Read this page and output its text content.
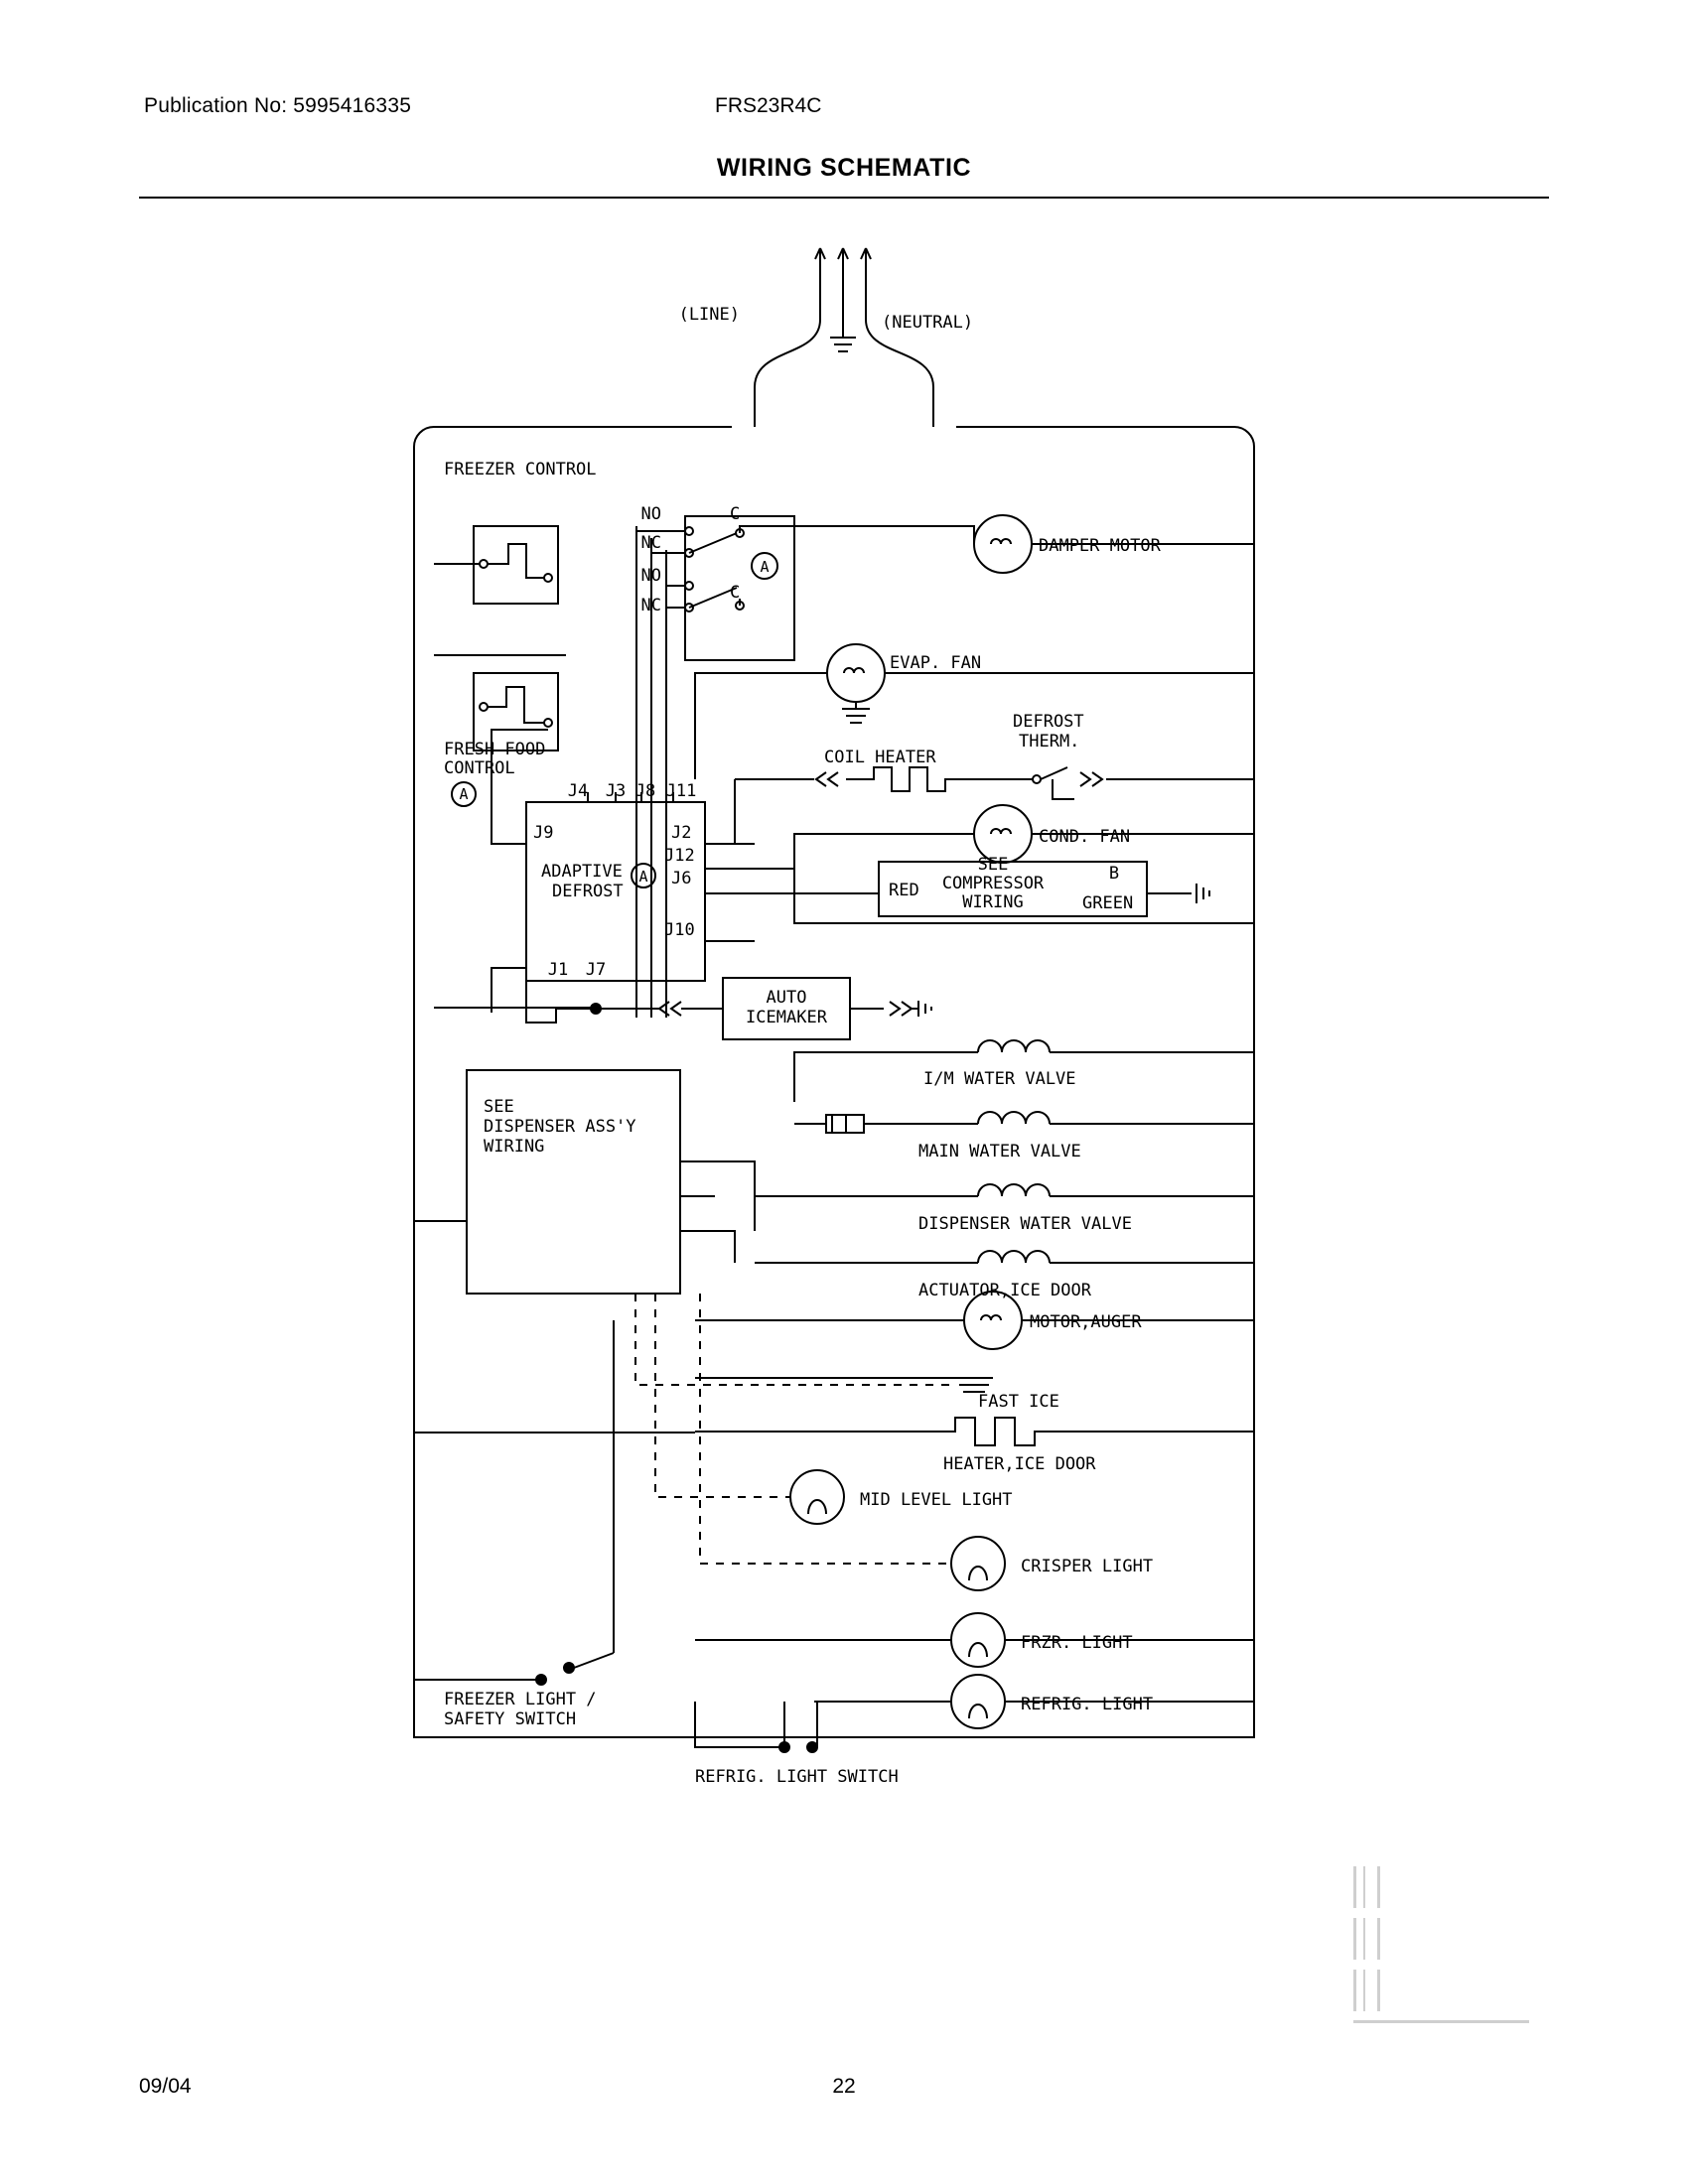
Publication No: 5995416335	FRS23R4C
WIRING SCHEMATIC
(LINE)	(NEUTRAL)
FREEZER CONTROL
FRESH FOOD
CONTROL
NO
NC
C
NO
NC
C
DAMPER MOTOR
EVAP. FAN
COIL HEATER
DEFROST
THERM.
J4 J3 J8 J11
J9
J1 J7
J2
J12
J6
J10
ADAPTIVE
DEFROST
COND. FAN
SEE
COMPRESSOR
WIRING
RED
B
GREEN
AUTO
ICEMAKER
SEE
DISPENSER ASS'Y
WIRING
I/M WATER VALVE
MAIN WATER VALVE
DISPENSER WATER VALVE
ACTUATOR,ICE DOOR
MOTOR,AUGER
FAST ICE
HEATER,ICE DOOR
MID LEVEL LIGHT
CRISPER LIGHT
FRZR. LIGHT
REFRIG. LIGHT
FREEZER LIGHT /
SAFETY SWITCH
REFRIG. LIGHT SWITCH
A
A
A
09/04	22
